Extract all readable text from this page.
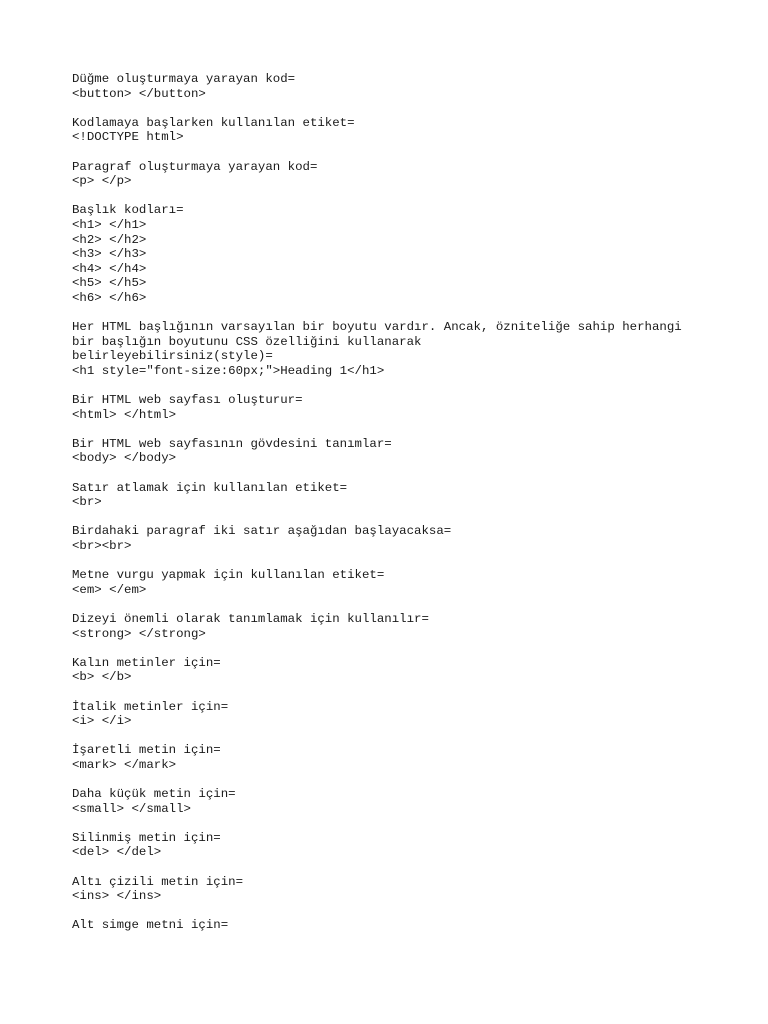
Düğme oluşturmaya yarayan kod=
<button> </button>
Kodlamaya başlarken kullanılan etiket=
<!DOCTYPE html>
Paragraf oluşturmaya yarayan kod=
<p> </p>
Başlık kodları=
<h1> </h1>
<h2> </h2>
<h3> </h3>
<h4> </h4>
<h5> </h5>
<h6> </h6>
Her HTML başlığının varsayılan bir boyutu vardır. Ancak, özniteliğe sahip herhangi
bir başlığın boyutunu CSS özelliğini kullanarak
belirleyebilirsiniz(style)=
<h1 style="font-size:60px;">Heading 1</h1>
Bir HTML web sayfası oluşturur=
<html> </html>
Bir HTML web sayfasının gövdesini tanımlar=
<body> </body>
Satır atlamak için kullanılan etiket=
<br>
Birdahaki paragraf iki satır aşağıdan başlayacaksa=
<br><br>
Metne vurgu yapmak için kullanılan etiket=
<em> </em>
Dizeyi önemli olarak tanımlamak için kullanılır=
<strong> </strong>
Kalın metinler için=
<b> </b>
İtalik metinler için=
<i> </i>
İşaretli metin için=
<mark> </mark>
Daha küçük metin için=
<small> </small>
Silinmiş metin için=
<del> </del>
Altı çizili metin için=
<ins> </ins>
Alt simge metni için=
